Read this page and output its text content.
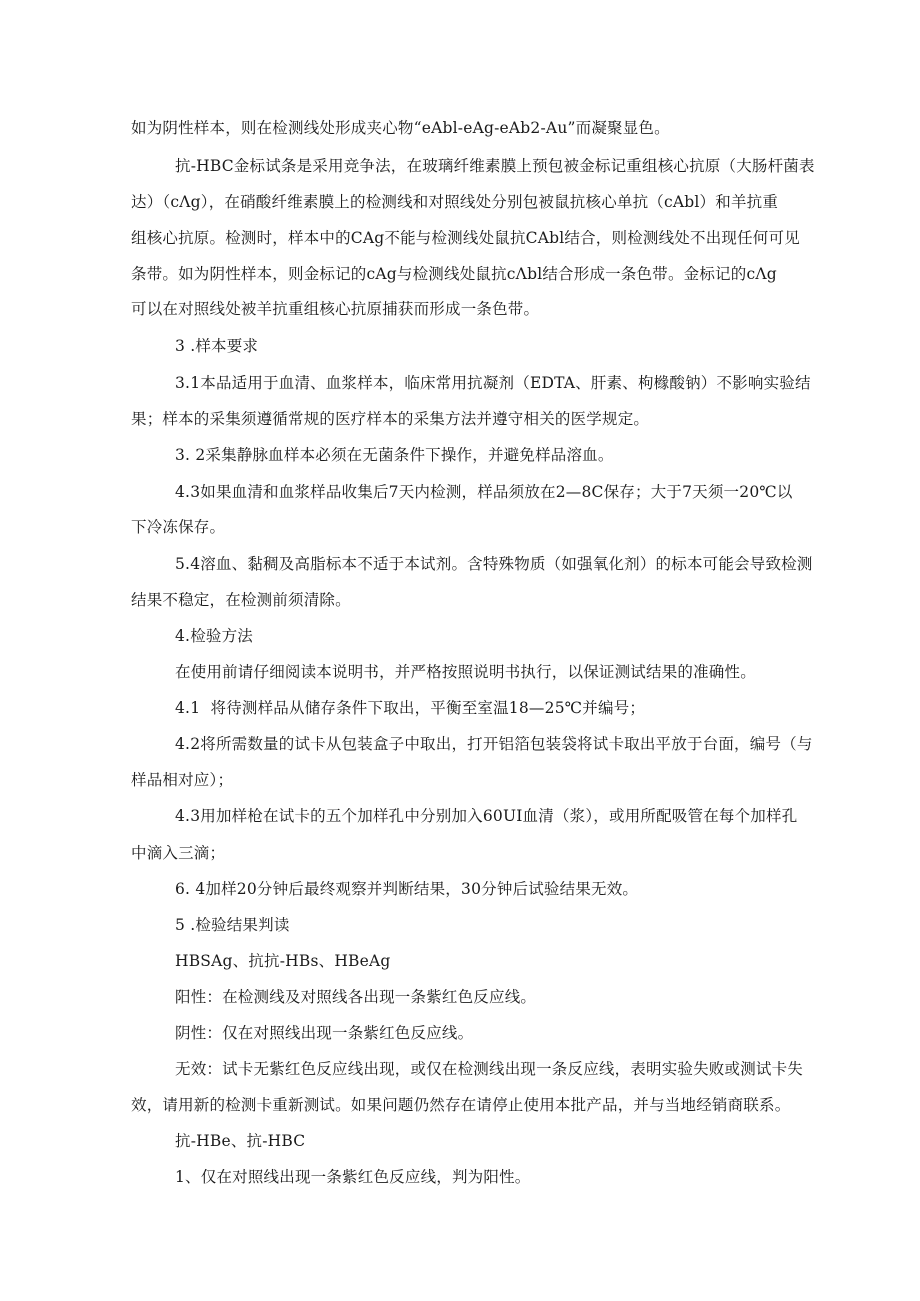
如为阴性样本，则在检测线处形成夹心物“eAbl-eAg-eAb2-Au”而凝聚显色。
抗-HBC金标试条是采用竞争法，在玻璃纤维素膜上预包被金标记重组核心抗原（大肠杆菌表
达）（cΛg），在硝酸纤维素膜上的检测线和对照线处分别包被鼠抗核心单抗（cAbl）和羊抗重
组核心抗原。检测时，样本中的CAg不能与检测线处鼠抗CAbl结合，则检测线处不出现任何可见
条带。如为阴性样本，则金标记的cAg与检测线处鼠抗cΛbl结合形成一条色带。金标记的cΛg
可以在对照线处被羊抗重组核心抗原捕获而形成一条色带。
3 .样本要求
3.1本品适用于血清、血浆样本，临床常用抗凝剂（EDTA、肝素、枸橼酸钠）不影响实验结
果；样本的采集须遵循常规的医疗样本的采集方法并遵守相关的医学规定。
3. 2采集静脉血样本必须在无菌条件下操作，并避免样品溶血。
4.3如果血清和血浆样品收集后7天内检测，样品须放在2—8C保存；大于7天须一20℃以
下冷冻保存。
5.4溶血、黏稠及高脂标本不适于本试剂。含特殊物质（如强氧化剂）的标本可能会导致检测
结果不稳定，在检测前须清除。
4.检验方法
在使用前请仔细阅读本说明书，并严格按照说明书执行，以保证测试结果的准确性。
4.1  将待测样品从储存条件下取出，平衡至室温18—25℃并编号；
4.2将所需数量的试卡从包装盒子中取出，打开铝箔包装袋将试卡取出平放于台面，编号（与
样品相对应）；
4.3用加样枪在试卡的五个加样孔中分别加入60UI血清（浆），或用所配吸管在每个加样孔
中滴入三滴；
6. 4加样20分钟后最终观察并判断结果，30分钟后试验结果无效。
5 .检验结果判读
HBSAg、抗抗-HBs、HBeAg
阳性：在检测线及对照线各出现一条紫红色反应线。
阴性：仅在对照线出现一条紫红色反应线。
无效：试卡无紫红色反应线出现，或仅在检测线出现一条反应线，表明实验失败或测试卡失
效，请用新的检测卡重新测试。如果问题仍然存在请停止使用本批产品，并与当地经销商联系。
抗-HBe、抗-HBC
1、仅在对照线出现一条紫红色反应线，判为阳性。
